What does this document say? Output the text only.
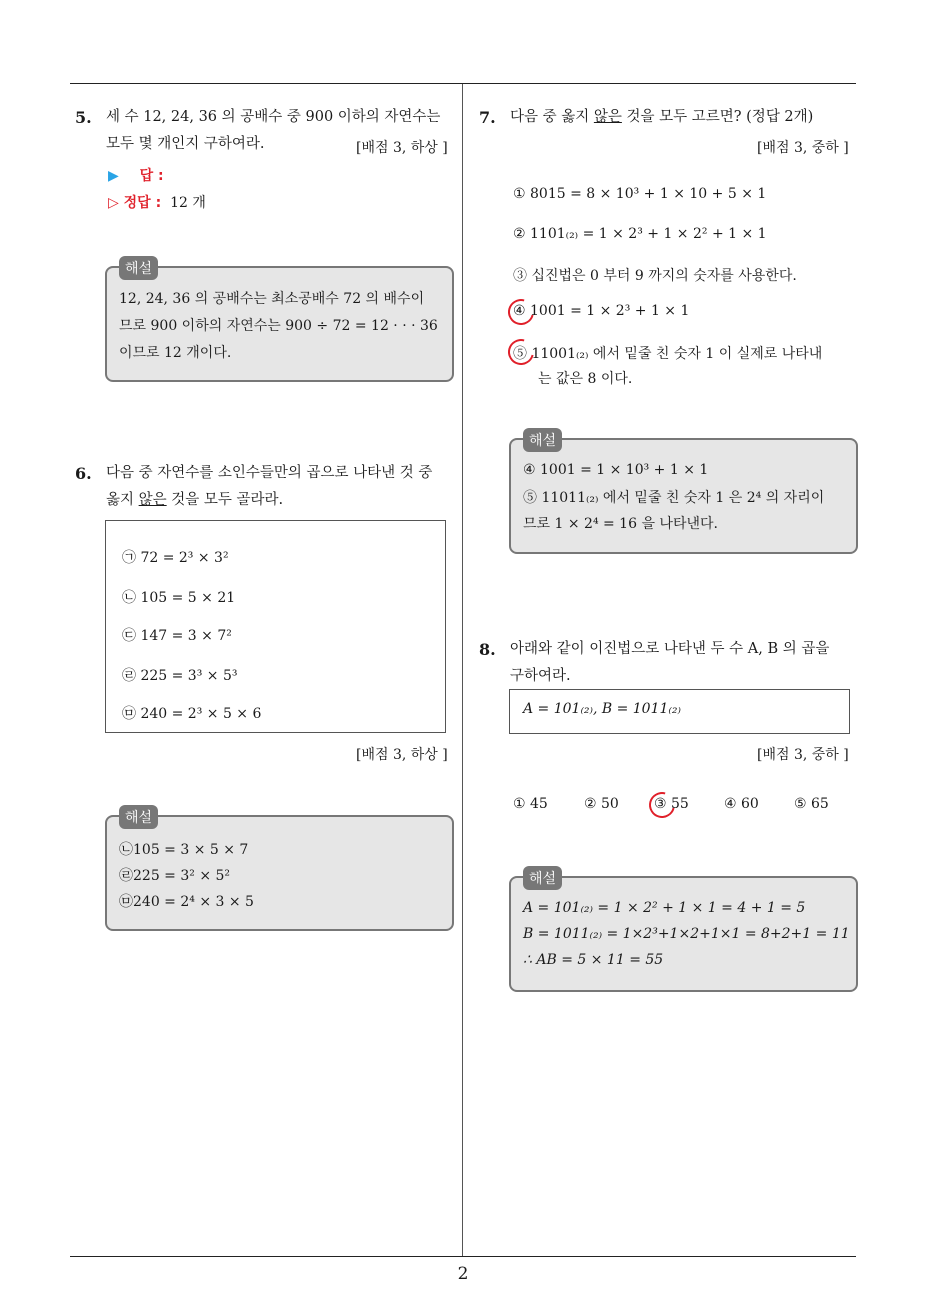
5. 세 수 12, 24, 36 의 공배수 중 900 이하의 자연수는
모두 몇 개인지 구하여라.	[배점 3, 하상 ]
▶ 답 :
▷ 정답 : 12 개
해설
12, 24, 36 의 공배수는 최소공배수 72 의 배수이
므로 900 이하의 자연수는 900 ÷ 72 = 12 · · · 36
이므로 12 개이다.
6. 다음 중 자연수를 소인수들만의 곱으로 나타낸 것 중
옳지 않은 것을 모두 골라라.
㉠ 72 = 2³ × 3²
㉡ 105 = 5 × 21
㉢ 147 = 3 × 7²
㉣ 225 = 3³ × 5³
㉤ 240 = 2³ × 5 × 6
[배점 3, 하상 ]
해설
㉡105 = 3 × 5 × 7
㉣225 = 3² × 5²
㉤240 = 2⁴ × 3 × 5
7. 다음 중 옳지 않은 것을 모두 고르면? (정답 2개)
[배점 3, 중하 ]
① 8015 = 8 × 10³ + 1 × 10 + 5 × 1
② 1101₍₂₎ = 1 × 2³ + 1 × 2² + 1 × 1
③ 십진법은 0 부터 9 까지의 숫자를 사용한다.
④ 1001 = 1 × 2³ + 1 × 1
⑤ 11001₍₂₎ 에서 밑줄 친 숫자 1 이 실제로 나타내
는 값은 8 이다.
해설
④ 1001 = 1 × 10³ + 1 × 1
⑤ 11011₍₂₎ 에서 밑줄 친 숫자 1 은 2⁴ 의 자리이
므로 1 × 2⁴ = 16 을 나타낸다.
8. 아래와 같이 이진법으로 나타낸 두 수 A, B 의 곱을
구하여라.
A = 101₍₂₎, B = 1011₍₂₎
[배점 3, 중하 ]
① 45	② 50	③ 55	④ 60	⑤ 65
해설
A = 101₍₂₎ = 1 × 2² + 1 × 1 = 4 + 1 = 5
B = 1011₍₂₎ = 1×2³+1×2+1×1 = 8+2+1 = 11
∴ AB = 5 × 11 = 55
2
